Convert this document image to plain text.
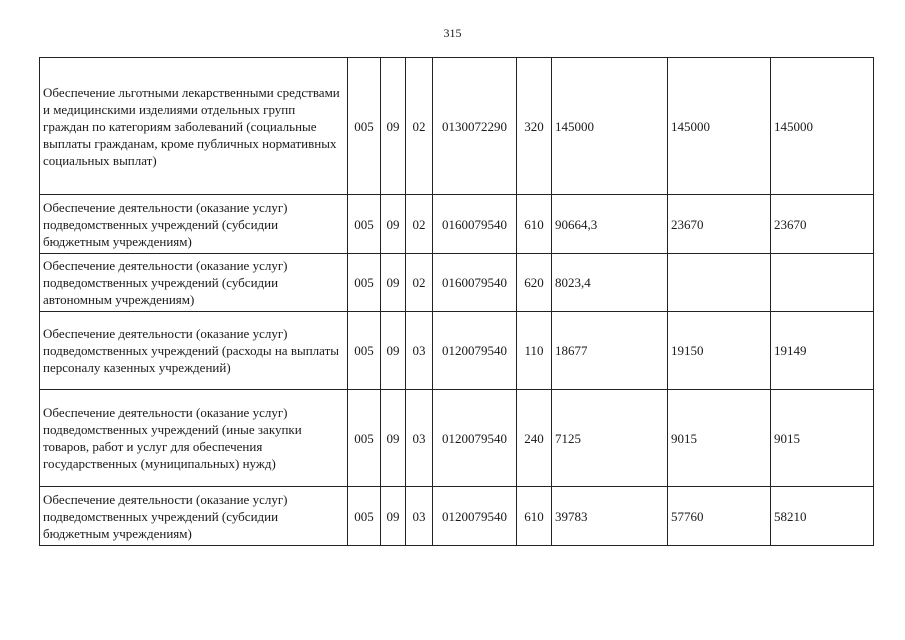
315
Обеспечение льготными лекарственными средствами и медицинскими изделиями отдельных групп граждан по категориям заболеваний (социальные выплаты гражданам, кроме публичных нормативных социальных выплат)	005	09	02	0130072290	320	145000	145000	145000
Обеспечение деятельности (оказание услуг) подведомственных учреждений (субсидии бюджетным учреждениям)	005	09	02	0160079540	610	90664,3	23670	23670
Обеспечение деятельности (оказание услуг) подведомственных учреждений (субсидии автономным учреждениям)	005	09	02	0160079540	620	8023,4		
Обеспечение деятельности (оказание услуг) подведомственных учреждений (расходы на выплаты персоналу казенных учреждений)	005	09	03	0120079540	110	18677	19150	19149
Обеспечение деятельности (оказание услуг) подведомственных учреждений (иные закупки товаров, работ и услуг для обеспечения государственных (муниципальных) нужд)	005	09	03	0120079540	240	7125	9015	9015
Обеспечение деятельности (оказание услуг) подведомственных учреждений (субсидии бюджетным учреждениям)	005	09	03	0120079540	610	39783	57760	58210
